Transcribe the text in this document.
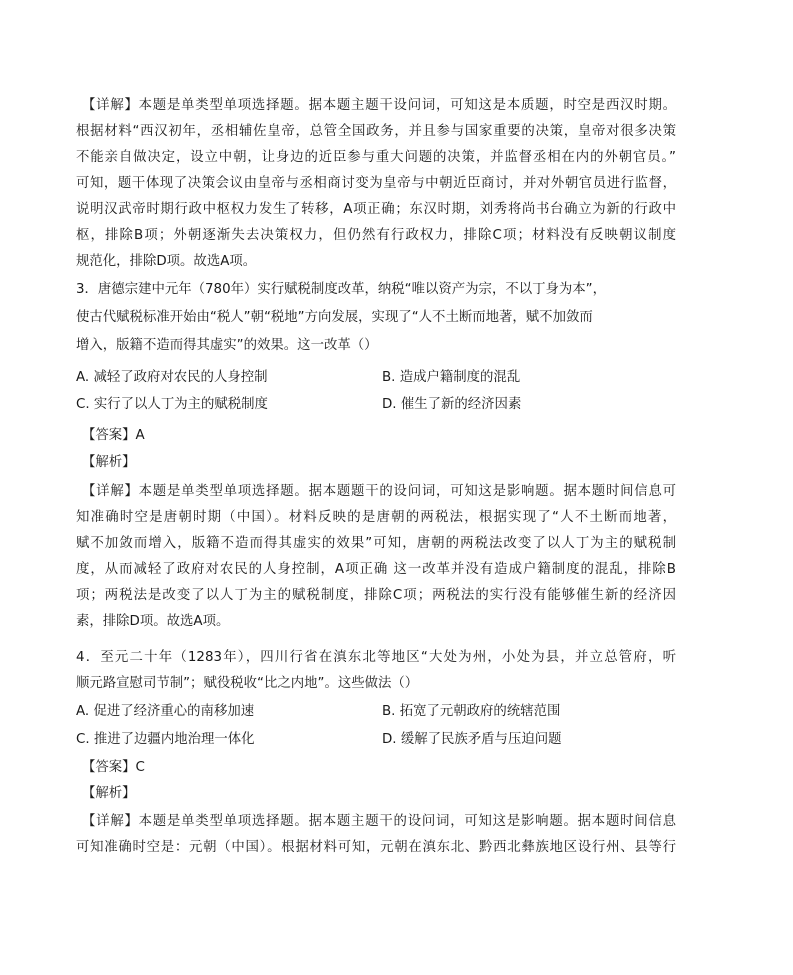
【详解】本题是单类型单项选择题。据本题主题干设问词，可知这是本质题，时空是西汉时期。
根据材料“西汉初年，丞相辅佐皇帝，总管全国政务，并且参与国家重要的决策，皇帝对很多决策
不能亲自做决定，设立中朝，让身边的近臣参与重大问题的决策，并监督丞相在内的外朝官员。”
可知，题干体现了决策会议由皇帝与丞相商讨变为皇帝与中朝近臣商讨，并对外朝官员进行监督，
说明汉武帝时期行政中枢权力发生了转移，A项正确；东汉时期，刘秀将尚书台确立为新的行政中
枢，排除B项；外朝逐渐失去决策权力，但仍然有行政权力，排除C项；材料没有反映朝议制度
规范化，排除D项。故选A项。
3．唐德宗建中元年（780年）实行赋税制度改革，纳税“唯以资产为宗，不以丁身为本”，
使古代赋税标准开始由“税人”朝“税地”方向发展，实现了“人不土断而地著，赋不加敛而
增入，版籍不造而得其虚实”的效果。这一改革（）
A. 减轻了政府对农民的人身控制	B. 造成户籍制度的混乱
C. 实行了以人丁为主的赋税制度	D. 催生了新的经济因素
【答案】A
【解析】
【详解】本题是单类型单项选择题。据本题题干的设问词，可知这是影响题。据本题时间信息可
知准确时空是唐朝时期（中国）。材料反映的是唐朝的两税法，根据实现了“人不土断而地著，
赋不加敛而增入，版籍不造而得其虚实的效果”可知，唐朝的两税法改变了以人丁为主的赋税制
度，从而减轻了政府对农民的人身控制，A项正确 这一改革并没有造成户籍制度的混乱，排除B
项；两税法是改变了以人丁为主的赋税制度，排除C项；两税法的实行没有能够催生新的经济因
素，排除D项。故选A项。
4．至元二十年（1283年），四川行省在滇东北等地区“大处为州，小处为县，并立总管府，听
顺元路宣慰司节制”；赋役税收“比之内地”。这些做法（）
A. 促进了经济重心的南移加速	B. 拓宽了元朝政府的统辖范围
C. 推进了边疆内地治理一体化	D. 缓解了民族矛盾与压迫问题
【答案】C
【解析】
【详解】本题是单类型单项选择题。据本题主题干的设问词，可知这是影响题。据本题时间信息
可知准确时空是：元朝（中国）。根据材料可知，元朝在滇东北、黔西北彝族地区设行州、县等行
